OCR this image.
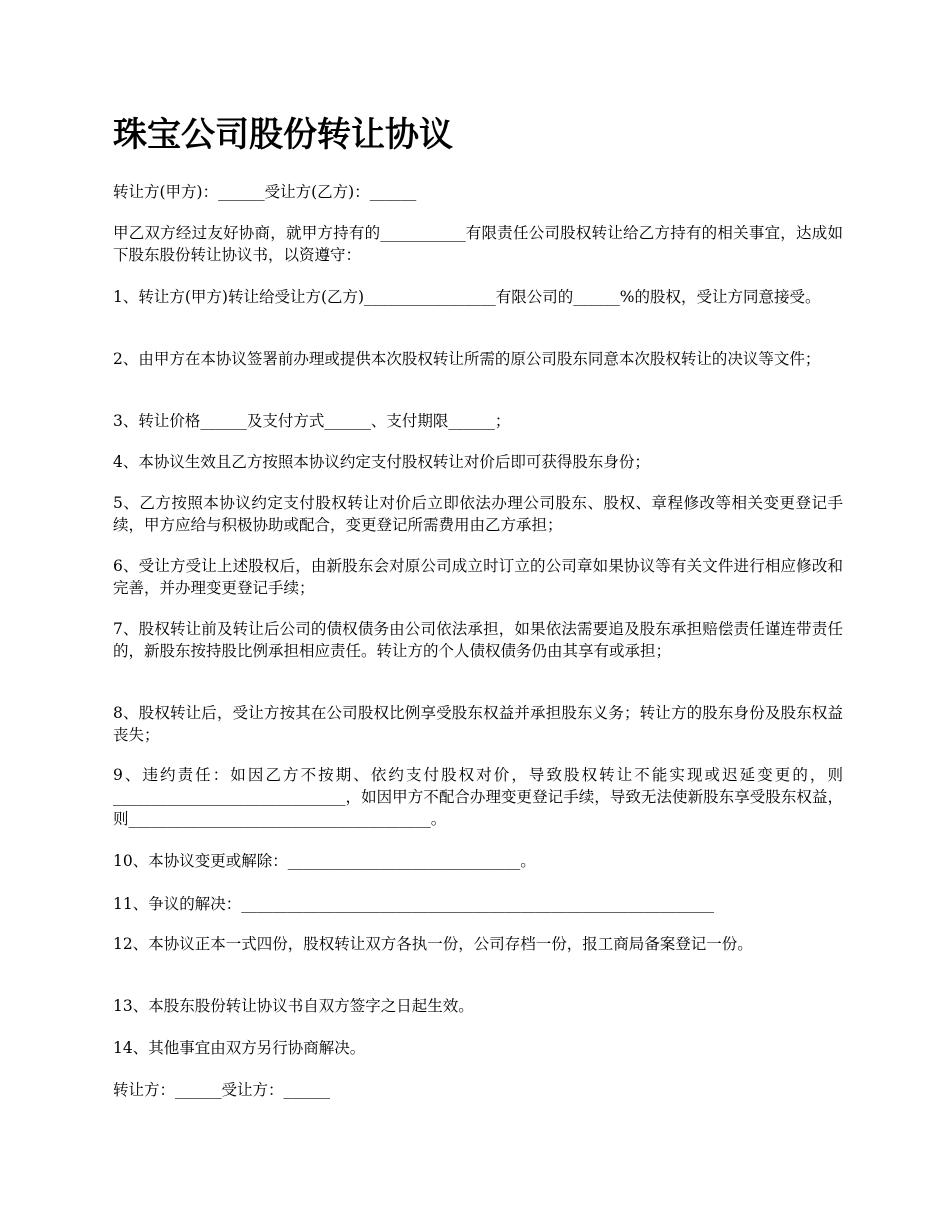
珠宝公司股份转让协议

转让方(甲方)：______受让方(乙方)：______

甲乙双方经过友好协商，就甲方持有的___________有限责任公司股权转让给乙方持有的相关事宜，达成如下股东股份转让协议书，以资遵守：

1、转让方(甲方)转让给受让方(乙方)_________________有限公司的______%的股权，受让方同意接受。

2、由甲方在本协议签署前办理或提供本次股权转让所需的原公司股东同意本次股权转让的决议等文件；

3、转让价格______及支付方式______、支付期限______；

4、本协议生效且乙方按照本协议约定支付股权转让对价后即可获得股东身份；

5、乙方按照本协议约定支付股权转让对价后立即依法办理公司股东、股权、章程修改等相关变更登记手续，甲方应给与积极协助或配合，变更登记所需费用由乙方承担；

6、受让方受让上述股权后，由新股东会对原公司成立时订立的公司章如果协议等有关文件进行相应修改和完善，并办理变更登记手续；

7、股权转让前及转让后公司的债权债务由公司依法承担，如果依法需要追及股东承担赔偿责任谨连带责任的，新股东按持股比例承担相应责任。转让方的个人债权债务仍由其享有或承担；

8、股权转让后，受让方按其在公司股权比例享受股东权益并承担股东义务；转让方的股东身份及股东权益丧失；

9、违约责任：如因乙方不按期、依约支付股权对价，导致股权转让不能实现或迟延变更的，则______________________________，如因甲方不配合办理变更登记手续，导致无法使新股东享受股东权益，则_______________________________________。

10、本协议变更或解除：______________________________。

11、争议的解决：_____________________________________________________________

12、本协议正本一式四份，股权转让双方各执一份，公司存档一份，报工商局备案登记一份。

13、本股东股份转让协议书自双方签字之日起生效。

14、其他事宜由双方另行协商解决。

转让方：______受让方：______
